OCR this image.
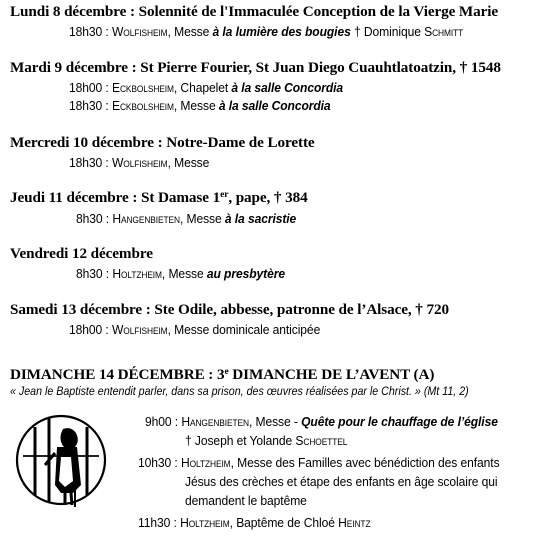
Lundi 8 décembre : Solennité de l'Immaculée Conception de la Vierge Marie
18h30 : Wolfisheim, Messe à la lumière des bougies † Dominique Schmitt
Mardi 9 décembre : St Pierre Fourier, St Juan Diego Cuauhtlatoatzin, † 1548
18h00 : Eckbolsheim, Chapelet à la salle Concordia
18h30 : Eckbolsheim, Messe à la salle Concordia
Mercredi 10 décembre : Notre-Dame de Lorette
18h30 : Wolfisheim, Messe
Jeudi 11 décembre : St Damase 1er, pape, † 384
8h30 : Hangenbieten, Messe à la sacristie
Vendredi 12 décembre
8h30 : Holtzheim, Messe au presbytère
Samedi 13 décembre : Ste Odile, abbesse, patronne de l’Alsace, † 720
18h00 : Wolfisheim, Messe dominicale anticipée
DIMANCHE 14 DÉCEMBRE : 3e DIMANCHE DE L’AVENT (A)
« Jean le Baptiste entendit parler, dans sa prison, des œuvres réalisées par le Christ. » (Mt 11, 2)
9h00 : Hangenbieten, Messe - Quête pour le chauffage de l’église
† Joseph et Yolande Schoettel
10h30 : Holtzheim, Messe des Familles avec bénédiction des enfants
Jésus des crèches et étape des enfants en âge scolaire qui
demandent le baptême
11h30 : Holtzheim, Baptême de Chloé Heintz
